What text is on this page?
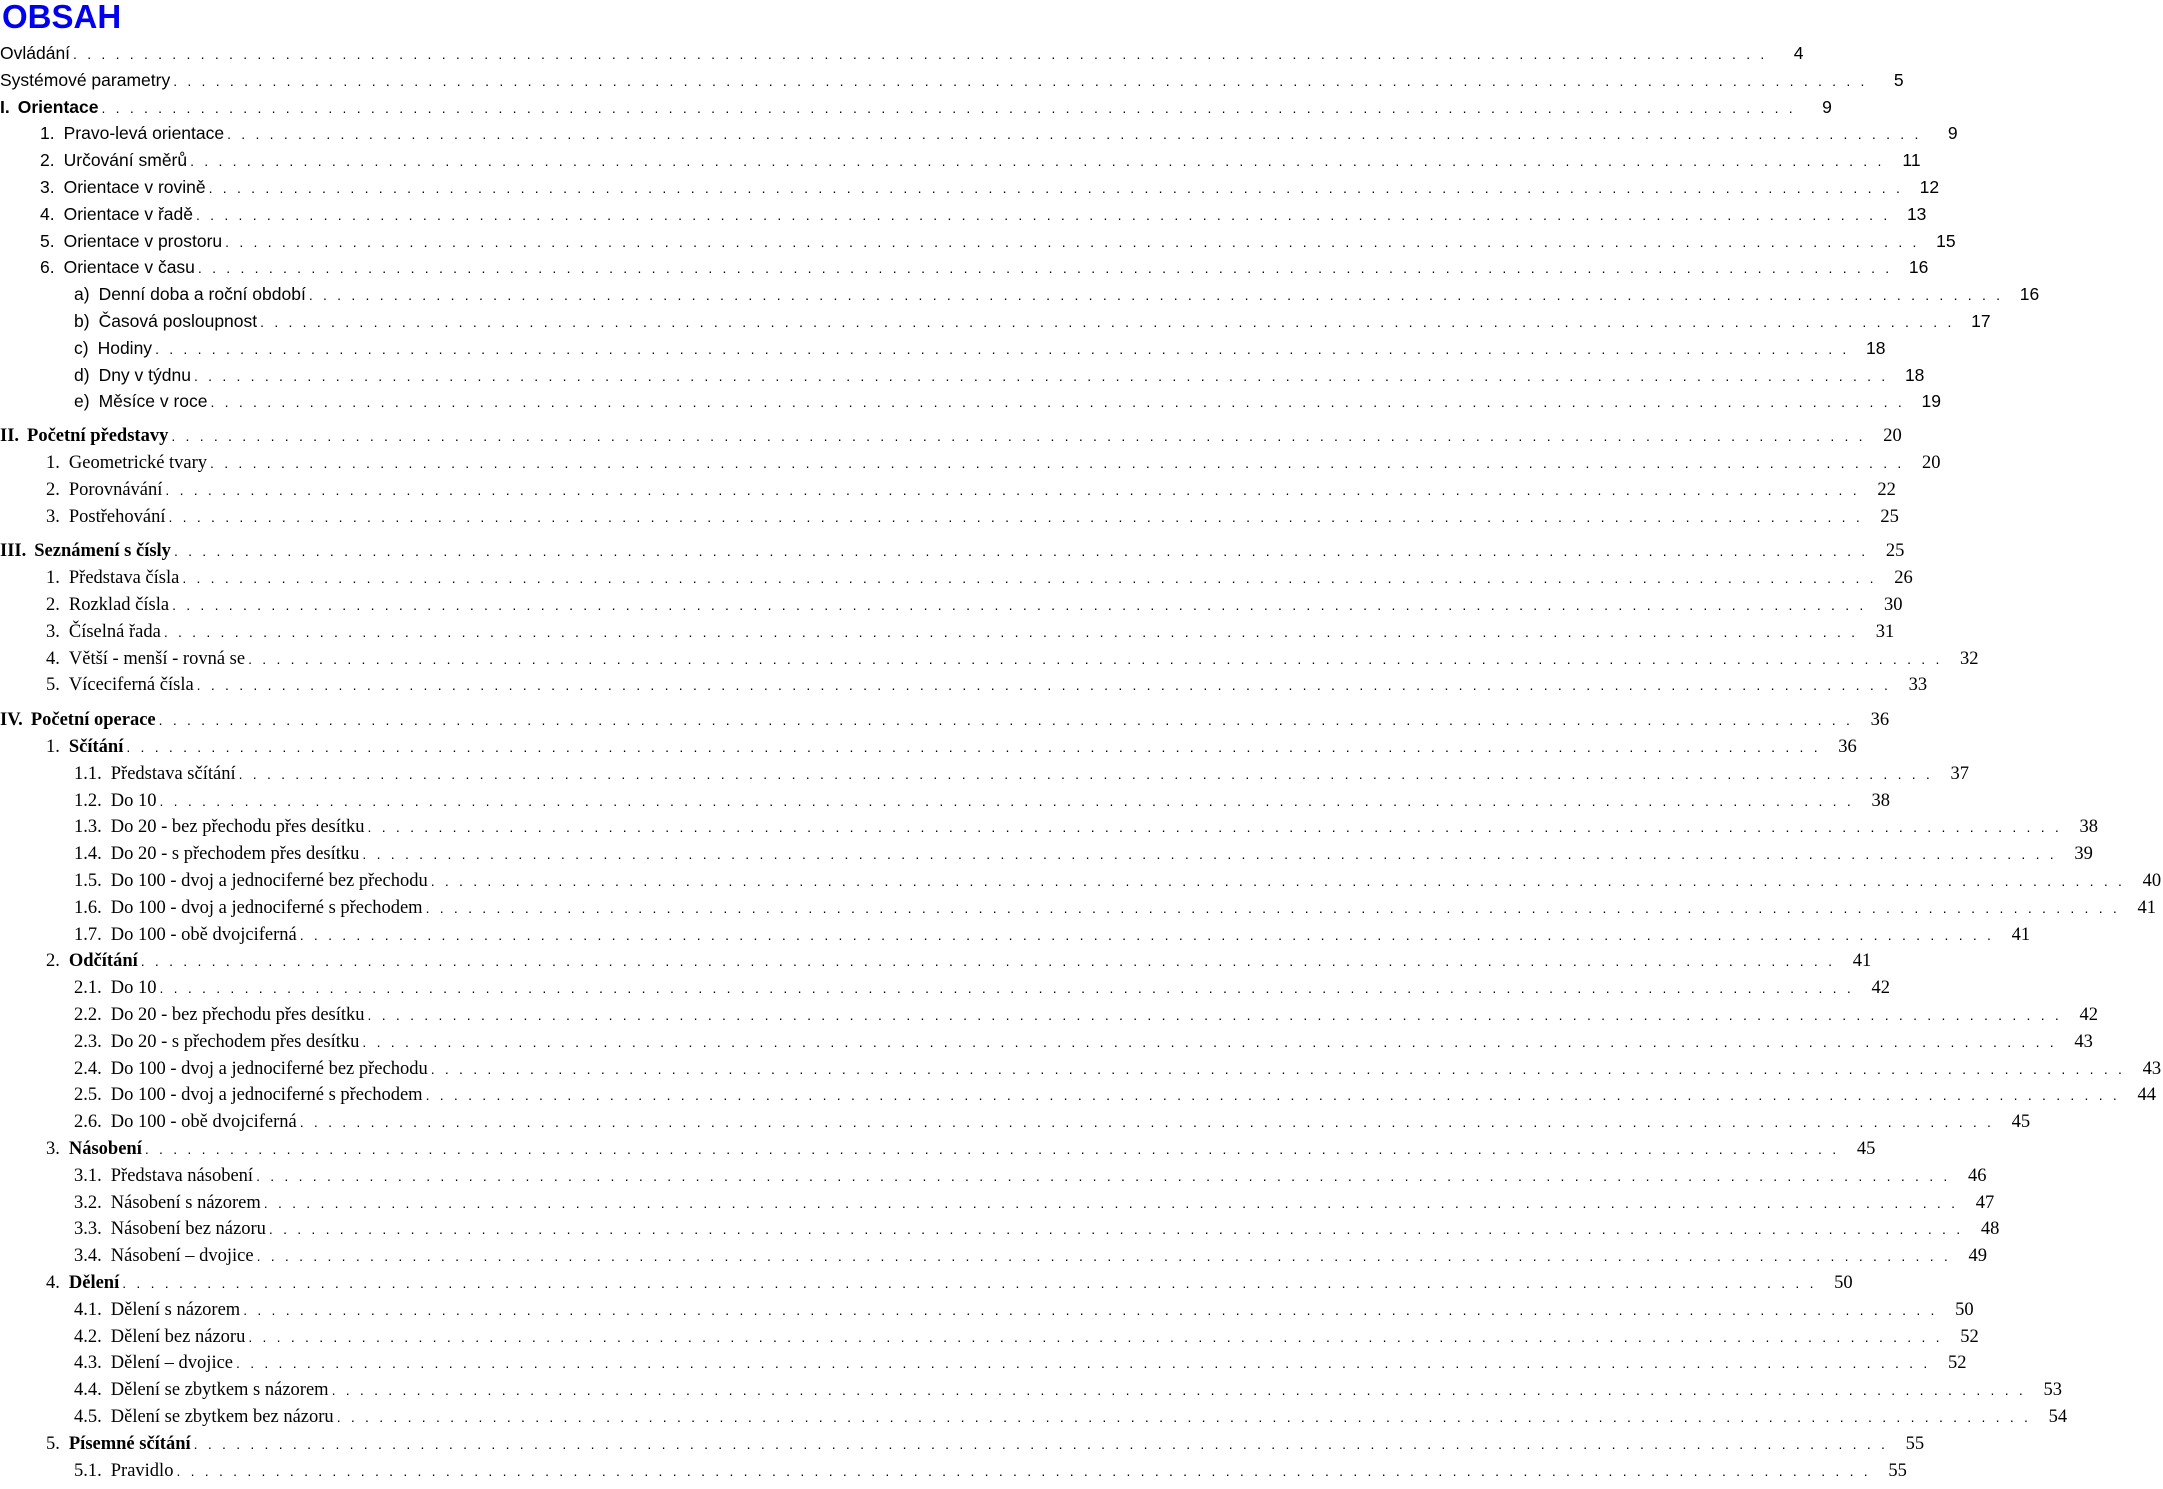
OBSAH
Ovládání . . . . . . . . . . . . . . . . . . . . . . . . . . . . . . . . . . . . . . . . . . . . . . . . . . . . . . . . . . . . . . . . . . . . . . . . . . . . . . . . . . . . . . . . . . . . . . . . . . . . . . . . . . . . . . . . . . . . . . . .	4
Systémové parametry . . . . . . . . . . . . . . . . . . . . . . . . . . . . . . . . . . . . . . . . . . . . . . . . . . . . . . . . . . . . . . . . . . . . . . . . . . . . . . . . . . . . . . . . . . . . . . . . . . . . . . . . . . . . . . . . . . . . . . . .	5
I. Orientace . . . . . . . . . . . . . . . . . . . . . . . . . . . . . . . . . . . . . . . . . . . . . . . . . . . . . . . . . . . . . . . . . . . . . . . . . . . . . . . . . . . . . . . . . . . . . . . . . . . . . . . . . . . . . . . . . . . . . . . .	9
1. Pravo-levá orientace . . . . . . . . . . . . . . . . . . . . . . . . . . . . . . . . . . . . . . . . . . . . . . . . . . . . . . . . . . . . . . . . . . . . . . . . . . . . . . . . . . . . . . . . . . . . . . . . . . . . . . . . . . . . . . . . . . . . . . . .	9
2. Určování směrů . . . . . . . . . . . . . . . . . . . . . . . . . . . . . . . . . . . . . . . . . . . . . . . . . . . . . . . . . . . . . . . . . . . . . . . . . . . . . . . . . . . . . . . . . . . . . . . . . . . . . . . . . . . . . . . . . . . . . . . .	11
3. Orientace v rovině . . . . . . . . . . . . . . . . . . . . . . . . . . . . . . . . . . . . . . . . . . . . . . . . . . . . . . . . . . . . . . . . . . . . . . . . . . . . . . . . . . . . . . . . . . . . . . . . . . . . . . . . . . . . . . . . . . . . . . . . 12
4. Orientace v řadě . . . . . . . . . . . . . . . . . . . . . . . . . . . . . . . . . . . . . . . . . . . . . . . . . . . . . . . . . . . . . . . . . . . . . . . . . . . . . . . . . . . . . . . . . . . . . . . . . . . . . . . . . . . . . . . . . . . . . . . . 13
5. Orientace v prostoru . . . . . . . . . . . . . . . . . . . . . . . . . . . . . . . . . . . . . . . . . . . . . . . . . . . . . . . . . . . . . . . . . . . . . . . . . . . . . . . . . . . . . . . . . . . . . . . . . . . . . . . . . . . . . . . . . . . . . . . . 15
6. Orientace v času . . . . . . . . . . . . . . . . . . . . . . . . . . . . . . . . . . . . . . . . . . . . . . . . . . . . . . . . . . . . . . . . . . . . . . . . . . . . . . . . . . . . . . . . . . . . . . . . . . . . . . . . . . . . . . . . . . . . . . . . 16
a) Denní doba a roční období . . . . . . . . . . . . . . . . . . . . . . . . . . . . . . . . . . . . . . . . . . . . . . . . . . . . . . . . . . . . . . . . . . . . . . . . . . . . . . . . . . . . . . . . . . . . . . . . . . . . . . . . . . . . . . . . . . . . . . . . 16
b) Časová posloupnost . . . . . . . . . . . . . . . . . . . . . . . . . . . . . . . . . . . . . . . . . . . . . . . . . . . . . . . . . . . . . . . . . . . . . . . . . . . . . . . . . . . . . . . . . . . . . . . . . . . . . . . . . . . . . . . . . . . . . . . . 17
c) Hodiny . . . . . . . . . . . . . . . . . . . . . . . . . . . . . . . . . . . . . . . . . . . . . . . . . . . . . . . . . . . . . . . . . . . . . . . . . . . . . . . . . . . . . . . . . . . . . . . . . . . . . . . . . . . . . . . . . . . . . . . . 18
d) Dny v týdnu . . . . . . . . . . . . . . . . . . . . . . . . . . . . . . . . . . . . . . . . . . . . . . . . . . . . . . . . . . . . . . . . . . . . . . . . . . . . . . . . . . . . . . . . . . . . . . . . . . . . . . . . . . . . . . . . . . . . . . . . 18
e) Měsíce v roce . . . . . . . . . . . . . . . . . . . . . . . . . . . . . . . . . . . . . . . . . . . . . . . . . . . . . . . . . . . . . . . . . . . . . . . . . . . . . . . . . . . . . . . . . . . . . . . . . . . . . . . . . . . . . . . . . . . . . . . . 19
II. Početní představy . . . . . . . . . . . . . . . . . . . . . . . . . . . . . . . . . . . . . . . . . . . . . . . . . . . . . . . . . . . . . . . . . . . . . . . . . . . . . . . . . . . . . . . . . . . . . . . . . . . . . . . . . . . . . . . . . . . . . . . . 20
1. Geometrické tvary . . . . . . . . . . . . . . . . . . . . . . . . . . . . . . . . . . . . . . . . . . . . . . . . . . . . . . . . . . . . . . . . . . . . . . . . . . . . . . . . . . . . . . . . . . . . . . . . . . . . . . . . . . . . . . . . . . . . . . . . 20
2. Porovnávání . . . . . . . . . . . . . . . . . . . . . . . . . . . . . . . . . . . . . . . . . . . . . . . . . . . . . . . . . . . . . . . . . . . . . . . . . . . . . . . . . . . . . . . . . . . . . . . . . . . . . . . . . . . . . . . . . . . . . . . . 22
3. Postřehování . . . . . . . . . . . . . . . . . . . . . . . . . . . . . . . . . . . . . . . . . . . . . . . . . . . . . . . . . . . . . . . . . . . . . . . . . . . . . . . . . . . . . . . . . . . . . . . . . . . . . . . . . . . . . . . . . . . . . . . . 25
III. Seznámení s čísly . . . . . . . . . . . . . . . . . . . . . . . . . . . . . . . . . . . . . . . . . . . . . . . . . . . . . . . . . . . . . . . . . . . . . . . . . . . . . . . . . . . . . . . . . . . . . . . . . . . . . . . . . . . . . . . . . . . . . . . . 25
1. Představa čísla . . . . . . . . . . . . . . . . . . . . . . . . . . . . . . . . . . . . . . . . . . . . . . . . . . . . . . . . . . . . . . . . . . . . . . . . . . . . . . . . . . . . . . . . . . . . . . . . . . . . . . . . . . . . . . . . . . . . . . . . 26
2. Rozklad čísla . . . . . . . . . . . . . . . . . . . . . . . . . . . . . . . . . . . . . . . . . . . . . . . . . . . . . . . . . . . . . . . . . . . . . . . . . . . . . . . . . . . . . . . . . . . . . . . . . . . . . . . . . . . . . . . . . . . . . . . . 30
3. Číselná řada . . . . . . . . . . . . . . . . . . . . . . . . . . . . . . . . . . . . . . . . . . . . . . . . . . . . . . . . . . . . . . . . . . . . . . . . . . . . . . . . . . . . . . . . . . . . . . . . . . . . . . . . . . . . . . . . . . . . . . . . 31
4. Větší - menší - rovná se . . . . . . . . . . . . . . . . . . . . . . . . . . . . . . . . . . . . . . . . . . . . . . . . . . . . . . . . . . . . . . . . . . . . . . . . . . . . . . . . . . . . . . . . . . . . . . . . . . . . . . . . . . . . . . . . . . . . . . . . 32
5. Víceciferná čísla . . . . . . . . . . . . . . . . . . . . . . . . . . . . . . . . . . . . . . . . . . . . . . . . . . . . . . . . . . . . . . . . . . . . . . . . . . . . . . . . . . . . . . . . . . . . . . . . . . . . . . . . . . . . . . . . . . . . . . . . 33
IV. Početní operace . . . . . . . . . . . . . . . . . . . . . . . . . . . . . . . . . . . . . . . . . . . . . . . . . . . . . . . . . . . . . . . . . . . . . . . . . . . . . . . . . . . . . . . . . . . . . . . . . . . . . . . . . . . . . . . . . . . . . . . . 36
1. Sčítání . . . . . . . . . . . . . . . . . . . . . . . . . . . . . . . . . . . . . . . . . . . . . . . . . . . . . . . . . . . . . . . . . . . . . . . . . . . . . . . . . . . . . . . . . . . . . . . . . . . . . . . . . . . . . . . . . . . . . . . . 36
1.1. Představa sčítání . . . . . . . . . . . . . . . . . . . . . . . . . . . . . . . . . . . . . . . . . . . . . . . . . . . . . . . . . . . . . . . . . . . . . . . . . . . . . . . . . . . . . . . . . . . . . . . . . . . . . . . . . . . . . . . . . . . . . . . . 37
1.2. Do 10 . . . . . . . . . . . . . . . . . . . . . . . . . . . . . . . . . . . . . . . . . . . . . . . . . . . . . . . . . . . . . . . . . . . . . . . . . . . . . . . . . . . . . . . . . . . . . . . . . . . . . . . . . . . . . . . . . . . . . . . . 38
1.3. Do 20 - bez přechodu přes desítku . . . . . . . . . . . . . . . . . . . . . . . . . . . . . . . . . . . . . . . . . . . . . . . . . . . . . . . . . . . . . . . . . . . . . . . . . . . . . . . . . . . . . . . . . . . . . . . . . . . . . . . . . . . . . . . . . . . . . . . . 38
1.4. Do 20 - s přechodem přes desítku . . . . . . . . . . . . . . . . . . . . . . . . . . . . . . . . . . . . . . . . . . . . . . . . . . . . . . . . . . . . . . . . . . . . . . . . . . . . . . . . . . . . . . . . . . . . . . . . . . . . . . . . . . . . . . . . . . . . . . . . 39
1.5. Do 100 - dvoj a jednociferné bez přechodu . . . . . . . . . . . . . . . . . . . . . . . . . . . . . . . . . . . . . . . . . . . . . . . . . . . . . . . . . . . . . . . . . . . . . . . . . . . . . . . . . . . . . . . . . . . . . . . . . . . . . . . . . . . . . . . . . . . . . . . . 40
1.6. Do 100 - dvoj a jednociferné s přechodem . . . . . . . . . . . . . . . . . . . . . . . . . . . . . . . . . . . . . . . . . . . . . . . . . . . . . . . . . . . . . . . . . . . . . . . . . . . . . . . . . . . . . . . . . . . . . . . . . . . . . . . . . . . . . . . . . . . . . . . . 41
1.7. Do 100 - obě dvojciferná . . . . . . . . . . . . . . . . . . . . . . . . . . . . . . . . . . . . . . . . . . . . . . . . . . . . . . . . . . . . . . . . . . . . . . . . . . . . . . . . . . . . . . . . . . . . . . . . . . . . . . . . . . . . . . . . . . . . . . . . 41
2. Odčítání . . . . . . . . . . . . . . . . . . . . . . . . . . . . . . . . . . . . . . . . . . . . . . . . . . . . . . . . . . . . . . . . . . . . . . . . . . . . . . . . . . . . . . . . . . . . . . . . . . . . . . . . . . . . . . . . . . . . . . . . 41
2.1. Do 10 . . . . . . . . . . . . . . . . . . . . . . . . . . . . . . . . . . . . . . . . . . . . . . . . . . . . . . . . . . . . . . . . . . . . . . . . . . . . . . . . . . . . . . . . . . . . . . . . . . . . . . . . . . . . . . . . . . . . . . . . 42
2.2. Do 20 - bez přechodu přes desítku . . . . . . . . . . . . . . . . . . . . . . . . . . . . . . . . . . . . . . . . . . . . . . . . . . . . . . . . . . . . . . . . . . . . . . . . . . . . . . . . . . . . . . . . . . . . . . . . . . . . . . . . . . . . . . . . . . . . . . . . 42
2.3. Do 20 - s přechodem přes desítku . . . . . . . . . . . . . . . . . . . . . . . . . . . . . . . . . . . . . . . . . . . . . . . . . . . . . . . . . . . . . . . . . . . . . . . . . . . . . . . . . . . . . . . . . . . . . . . . . . . . . . . . . . . . . . . . . . . . . . . . 43
2.4. Do 100 - dvoj a jednociferné bez přechodu . . . . . . . . . . . . . . . . . . . . . . . . . . . . . . . . . . . . . . . . . . . . . . . . . . . . . . . . . . . . . . . . . . . . . . . . . . . . . . . . . . . . . . . . . . . . . . . . . . . . . . . . . . . . . . . . . . . . . . . . 43
2.5. Do 100 - dvoj a jednociferné s přechodem . . . . . . . . . . . . . . . . . . . . . . . . . . . . . . . . . . . . . . . . . . . . . . . . . . . . . . . . . . . . . . . . . . . . . . . . . . . . . . . . . . . . . . . . . . . . . . . . . . . . . . . . . . . . . . . . . . . . . . . . 44
2.6. Do 100 - obě dvojciferná . . . . . . . . . . . . . . . . . . . . . . . . . . . . . . . . . . . . . . . . . . . . . . . . . . . . . . . . . . . . . . . . . . . . . . . . . . . . . . . . . . . . . . . . . . . . . . . . . . . . . . . . . . . . . . . . . . . . . . . . 45
3. Násobení . . . . . . . . . . . . . . . . . . . . . . . . . . . . . . . . . . . . . . . . . . . . . . . . . . . . . . . . . . . . . . . . . . . . . . . . . . . . . . . . . . . . . . . . . . . . . . . . . . . . . . . . . . . . . . . . . . . . . . . . 45
3.1. Představa násobení . . . . . . . . . . . . . . . . . . . . . . . . . . . . . . . . . . . . . . . . . . . . . . . . . . . . . . . . . . . . . . . . . . . . . . . . . . . . . . . . . . . . . . . . . . . . . . . . . . . . . . . . . . . . . . . . . . . . . . . . 46
3.2. Násobení s názorem . . . . . . . . . . . . . . . . . . . . . . . . . . . . . . . . . . . . . . . . . . . . . . . . . . . . . . . . . . . . . . . . . . . . . . . . . . . . . . . . . . . . . . . . . . . . . . . . . . . . . . . . . . . . . . . . . . . . . . . . 47
3.3. Násobení bez názoru . . . . . . . . . . . . . . . . . . . . . . . . . . . . . . . . . . . . . . . . . . . . . . . . . . . . . . . . . . . . . . . . . . . . . . . . . . . . . . . . . . . . . . . . . . . . . . . . . . . . . . . . . . . . . . . . . . . . . . . . 48
3.4. Násobení – dvojice . . . . . . . . . . . . . . . . . . . . . . . . . . . . . . . . . . . . . . . . . . . . . . . . . . . . . . . . . . . . . . . . . . . . . . . . . . . . . . . . . . . . . . . . . . . . . . . . . . . . . . . . . . . . . . . . . . . . . . . . 49
4. Dělení . . . . . . . . . . . . . . . . . . . . . . . . . . . . . . . . . . . . . . . . . . . . . . . . . . . . . . . . . . . . . . . . . . . . . . . . . . . . . . . . . . . . . . . . . . . . . . . . . . . . . . . . . . . . . . . . . . . . . . . . 50
4.1. Dělení s názorem . . . . . . . . . . . . . . . . . . . . . . . . . . . . . . . . . . . . . . . . . . . . . . . . . . . . . . . . . . . . . . . . . . . . . . . . . . . . . . . . . . . . . . . . . . . . . . . . . . . . . . . . . . . . . . . . . . . . . . . . 50
4.2. Dělení bez názoru . . . . . . . . . . . . . . . . . . . . . . . . . . . . . . . . . . . . . . . . . . . . . . . . . . . . . . . . . . . . . . . . . . . . . . . . . . . . . . . . . . . . . . . . . . . . . . . . . . . . . . . . . . . . . . . . . . . . . . . . 52
4.3. Dělení – dvojice . . . . . . . . . . . . . . . . . . . . . . . . . . . . . . . . . . . . . . . . . . . . . . . . . . . . . . . . . . . . . . . . . . . . . . . . . . . . . . . . . . . . . . . . . . . . . . . . . . . . . . . . . . . . . . . . . . . . . . . . 52
4.4. Dělení se zbytkem s názorem . . . . . . . . . . . . . . . . . . . . . . . . . . . . . . . . . . . . . . . . . . . . . . . . . . . . . . . . . . . . . . . . . . . . . . . . . . . . . . . . . . . . . . . . . . . . . . . . . . . . . . . . . . . . . . . . . . . . . . . . 53
4.5. Dělení se zbytkem bez názoru . . . . . . . . . . . . . . . . . . . . . . . . . . . . . . . . . . . . . . . . . . . . . . . . . . . . . . . . . . . . . . . . . . . . . . . . . . . . . . . . . . . . . . . . . . . . . . . . . . . . . . . . . . . . . . . . . . . . . . . . 54
5. Písemné sčítání . . . . . . . . . . . . . . . . . . . . . . . . . . . . . . . . . . . . . . . . . . . . . . . . . . . . . . . . . . . . . . . . . . . . . . . . . . . . . . . . . . . . . . . . . . . . . . . . . . . . . . . . . . . . . . . . . . . . . . . . 55
5.1. Pravidlo . . . . . . . . . . . . . . . . . . . . . . . . . . . . . . . . . . . . . . . . . . . . . . . . . . . . . . . . . . . . . . . . . . . . . . . . . . . . . . . . . . . . . . . . . . . . . . . . . . . . . . . . . . . . . . . . . . . . . . . . 55
